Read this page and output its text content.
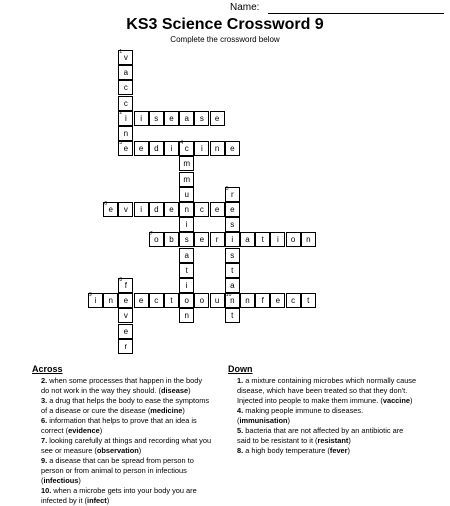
Name:
KS3 Science Crossword 9
Complete the crossword below
1
v
a
c
c
2
i
n
3
e
i	s	e	a	s	e
e	d	i
4
c	i	n	e
m
m
u
n
i
s
a
t
i
o
n
5
r
e
s
i
s
t
a
10
n
t
6
e	v	i	d	e	c	e
7
o	b	e	r	a	t	i	o	n
8
f
e
v
e
r
9
i	n	e	c	t	o	u	n	f	e	c	t
Across
2. when some processes that happen in the body do not work in the way they should. (disease)
3. a drug that helps the body to ease the symptoms of a disease or cure the disease (medicine)
6. information that helps to prove that an idea is correct (evidence)
7. looking carefully at things and recording what you see or measure (observation)
9. a disease that can be spread from person to person or from animal to person in infectious (infectious)
10. when a microbe gets into your body you are infected by it (infect)
Down
1. a mixture containing microbes which normally cause disease, which have been treated so that they don't. Injected into people to make them immune. (vaccine)
4. making people immune to diseases. (immunisation)
5. bacteria that are not affected by an antibiotic are said to be resistant to it (resistant)
8. a high body temperature (fever)
